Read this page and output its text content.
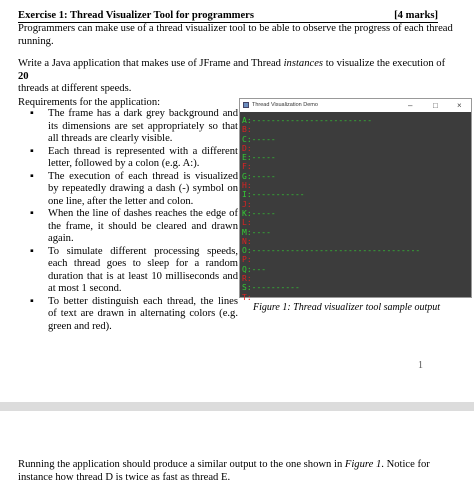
Exercise 1: Thread Visualizer Tool for programmers	[4 marks]
Programmers can make use of a thread visualizer tool to be able to observe the progress of each thread
running.
Write a Java application that makes use of JFrame and Thread instances to visualize the execution of 20
threads at different speeds.
Requirements for the application:
▪ The frame has a dark grey background and its dimensions are set appropriately so that all threads are clearly visible.
▪ Each thread is represented with a different letter, followed by a colon (e.g. A:).
▪ The execution of each thread is visualized by repeatedly drawing a dash (-) symbol on one line, after the letter and colon.
▪ When the line of dashes reaches the edge of the frame, it should be cleared and drawn again.
▪ To simulate different processing speeds, each thread goes to sleep for a random duration that is at least 10 milliseconds and at most 1 second.
▪ To better distinguish each thread, the lines of text are drawn in alternating colors (e.g. green and red).
Thread Visualization Demo	–	□ ×
A:-------------------------
B:
C:-----
D:
E:-----
F:
G:-----
H:
I:-----------
J:
K:-----
L:
M:----
N:
O:-----------------------------------
P:
Q:---
R:
S:----------
T:
Figure 1: Thread visualizer tool sample output
1
Running the application should produce a similar output to the one shown in Figure 1. Notice for
instance how thread D is twice as fast as thread E.
